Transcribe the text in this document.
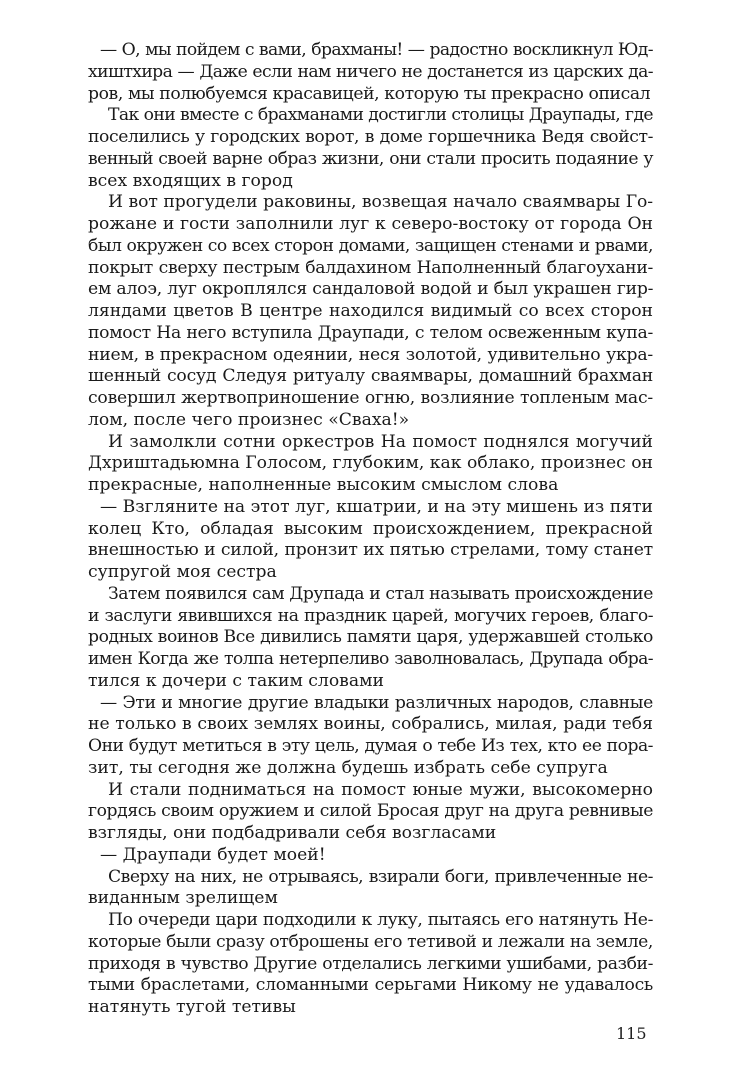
— О, мы пойдем с вами, брахманы! — радостно воскликнул Юд-
хиштхира — Даже если нам ничего не достанется из царских да-
ров, мы полюбуемся красавицей, которую ты прекрасно описал
Так они вместе с брахманами достигли столицы Драупады, где
поселились у городских ворот, в доме горшечника Ведя свойст-
венный своей варне образ жизни, они стали просить подаяние у
всех входящих в город
И вот прогудели раковины, возвещая начало сваямвары Го-
рожане и гости заполнили луг к северо-востоку от города Он
был окружен со всех сторон домами, защищен стенами и рвами,
покрыт сверху пестрым балдахином Наполненный благоухани-
ем алоэ, луг окроплялся сандаловой водой и был украшен гир-
ляндами цветов В центре находился видимый со всех сторон
помост На него вступила Драупади, с телом освеженным купа-
нием, в прекрасном одеянии, неся золотой, удивительно укра-
шенный сосуд Следуя ритуалу сваямвары, домашний брахман
совершил жертвоприношение огню, возлияние топленым мас-
лом, после чего произнес «Сваха!»
И замолкли сотни оркестров На помост поднялся могучий
Дхриштадьюмна Голосом, глубоким, как облако, произнес он
прекрасные, наполненные высоким смыслом слова
— Взгляните на этот луг, кшатрии, и на эту мишень из пяти
колец Кто, обладая высоким происхождением, прекрасной
внешностью и силой, пронзит их пятью стрелами, тому станет
супругой моя сестра
Затем появился сам Друпада и стал называть происхождение
и заслуги явившихся на праздник царей, могучих героев, благо-
родных воинов Все дивились памяти царя, удержавшей столько
имен Когда же толпа нетерпеливо заволновалась, Друпада обра-
тился к дочери с таким словами
— Эти и многие другие владыки различных народов, славные
не только в своих землях воины, собрались, милая, ради тебя
Они будут метиться в эту цель, думая о тебе Из тех, кто ее пора-
зит, ты сегодня же должна будешь избрать себе супруга
И стали подниматься на помост юные мужи, высокомерно
гордясь своим оружием и силой Бросая друг на друга ревнивые
взгляды, они подбадривали себя возгласами
— Драупади будет моей!
Сверху на них, не отрываясь, взирали боги, привлеченные не-
виданным зрелищем
По очереди цари подходили к луку, пытаясь его натянуть Не-
которые были сразу отброшены его тетивой и лежали на земле,
приходя в чувство Другие отделались легкими ушибами, разби-
тыми браслетами, сломанными серьгами Никому не удавалось
натянуть тугой тетивы
115
